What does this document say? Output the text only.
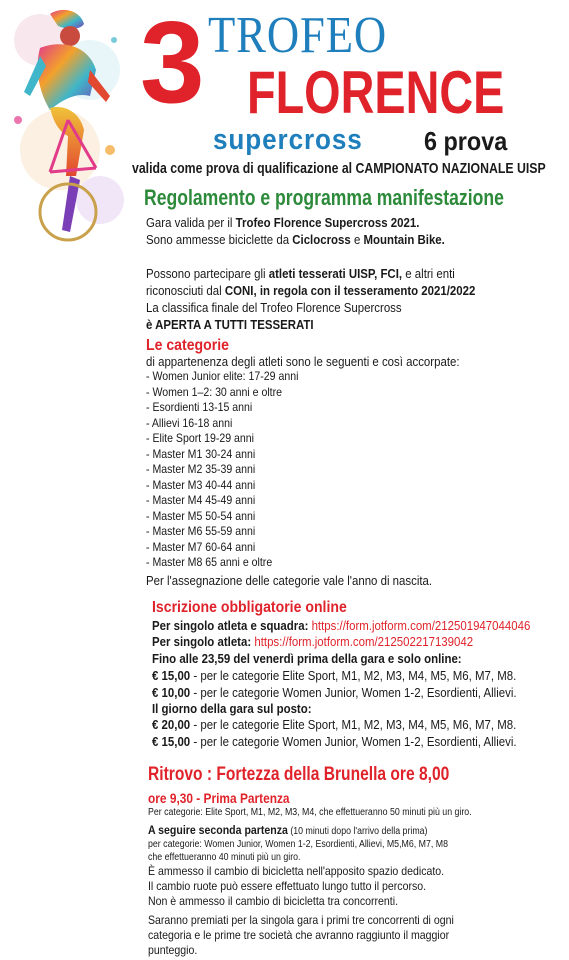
3 TROFEO
FLORENCE
supercross 6 prova
valida come prova di qualificazione al CAMPIONATO NAZIONALE UISP
Regolamento e programma manifestazione
Gara valida per il Trofeo Florence Supercross 2021.
Sono ammesse biciclette da Ciclocross e Mountain Bike.
Possono partecipare gli atleti tesserati UISP, FCI, e altri enti
riconosciuti dal CONI, in regola con il tesseramento 2021/2022
La classifica finale del Trofeo Florence Supercross
è APERTA A TUTTI TESSERATI
Le categorie
di appartenenza degli atleti sono le seguenti e così accorpate:
- Women Junior elite: 17-29 anni
- Women 1–2: 30 anni e oltre
- Esordienti 13-15 anni
- Allievi 16-18 anni
- Elite Sport 19-29 anni
- Master M1 30-24 anni
- Master M2 35-39 anni
- Master M3 40-44 anni
- Master M4 45-49 anni
- Master M5 50-54 anni
- Master M6 55-59 anni
- Master M7 60-64 anni
- Master M8 65 anni e oltre
Per l'assegnazione delle categorie vale l'anno di nascita.
Iscrizione obbligatorie online
Per singolo atleta e squadra: https://form.jotform.com/212501947044046
Per singolo atleta: https://form.jotform.com/212502217139042
Fino alle 23,59 del venerdì prima della gara e solo online:
€ 15,00 - per le categorie Elite Sport, M1, M2, M3, M4, M5, M6, M7, M8.
€ 10,00 - per le categorie Women Junior, Women 1-2, Esordienti, Allievi.
Il giorno della gara sul posto:
€ 20,00 - per le categorie Elite Sport, M1, M2, M3, M4, M5, M6, M7, M8.
€ 15,00 - per le categorie Women Junior, Women 1-2, Esordienti, Allievi.
Ritrovo : Fortezza della Brunella ore 8,00
ore 9,30 - Prima Partenza
Per categorie: Elite Sport, M1, M2, M3, M4, che effettueranno 50 minuti più un giro.
A seguire seconda partenza (10 minuti dopo l'arrivo della prima)
per categorie: Women Junior, Women 1-2, Esordienti, Allievi, M5,M6, M7, M8
che effettueranno 40 minuti più un giro.
È ammesso il cambio di bicicletta nell'apposito spazio dedicato.
Il cambio ruote può essere effettuato lungo tutto il percorso.
Non è ammesso il cambio di bicicletta tra concorrenti.
Saranno premiati per la singola gara i primi tre concorrenti di ogni
categoria e le prime tre società che avranno raggiunto il maggior
punteggio.
